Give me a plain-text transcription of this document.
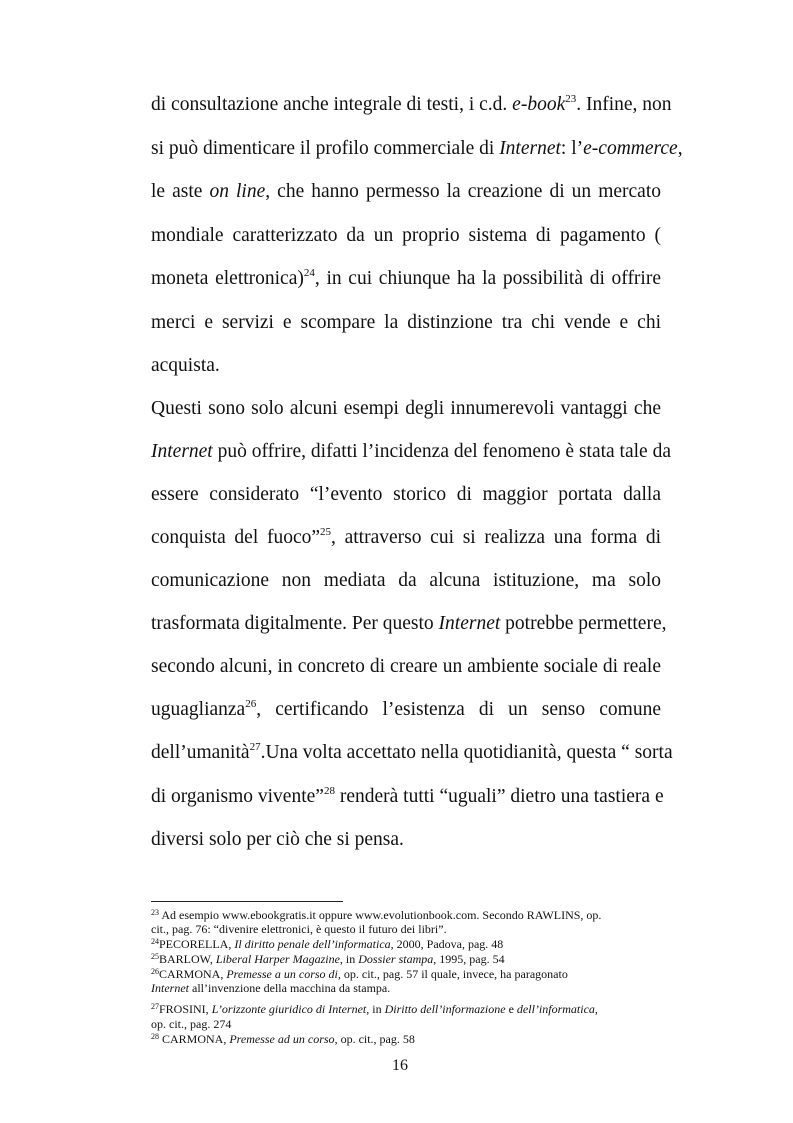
di consultazione anche integrale di testi, i c.d. e-book$^{23}$. Infine, non
si può dimenticare il profilo commerciale di Internet: l’e-commerce,
le aste on line, che hanno permesso la creazione di un mercato
mondiale caratterizzato da un proprio sistema di pagamento (
moneta elettronica)$^{24}$, in cui chiunque ha la possibilità di offrire
merci e servizi e scompare la distinzione tra chi vende e chi
acquista.
Questi sono solo alcuni esempi degli innumerevoli vantaggi che
Internet può offrire, difatti l’incidenza del fenomeno è stata tale da
essere considerato “l’evento storico di maggior portata dalla
conquista del fuoco”$^{25}$, attraverso cui si realizza una forma di
comunicazione non mediata da alcuna istituzione, ma solo
trasformata digitalmente. Per questo Internet potrebbe permettere,
secondo alcuni, in concreto di creare un ambiente sociale di reale
uguaglianza$^{26}$, certificando l’esistenza di un senso comune
dell’umanità$^{27}$.Una volta accettato nella quotidianità, questa “ sorta
di organismo vivente”$^{28}$ renderà tutti “uguali” dietro una tastiera e
diversi solo per ciò che si pensa.
$^{23}$ Ad esempio www.ebookgratis.it oppure www.evolutionbook.com. Secondo RAWLINS, op.
cit., pag. 76: “divenire elettronici, è questo il futuro dei libri”.
$^{24}$PECORELLA, Il diritto penale dell’informatica, 2000, Padova, pag. 48
$^{25}$BARLOW, Liberal Harper Magazine, in Dossier stampa, 1995, pag. 54
$^{26}$CARMONA, Premesse a un corso di, op. cit., pag. 57 il quale, invece, ha paragonato
Internet all’invenzione della macchina da stampa.
$^{27}$FROSINI, L’orizzonte giuridico di Internet, in Diritto dell’informazione e dell’informatica,
op. cit., pag. 274
$^{28}$ CARMONA, Premesse ad un corso, op. cit., pag. 58
16
